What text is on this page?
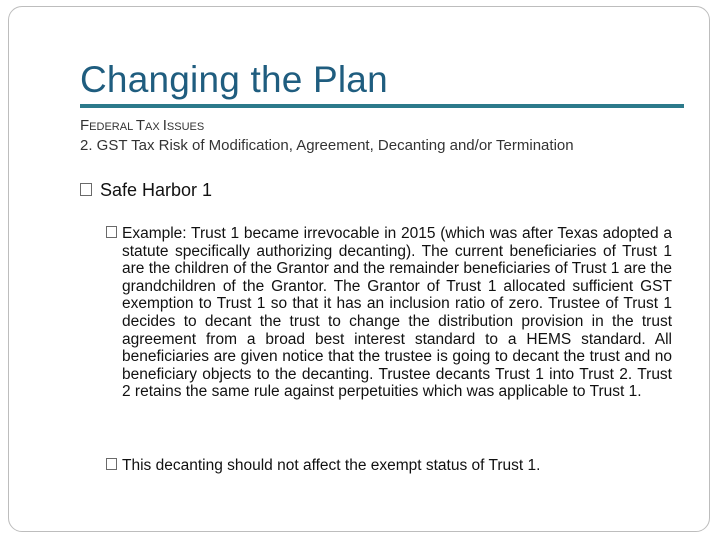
Changing the Plan
FEDERAL TAX ISSUES
2. GST Tax Risk of Modification, Agreement, Decanting and/or Termination
Safe Harbor 1
Example: Trust 1 became irrevocable in 2015 (which was after Texas adopted a statute specifically authorizing decanting). The current beneficiaries of Trust 1 are the children of the Grantor and the remainder beneficiaries of Trust 1 are the grandchildren of the Grantor. The Grantor of Trust 1 allocated sufficient GST exemption to Trust 1 so that it has an inclusion ratio of zero. Trustee of Trust 1 decides to decant the trust to change the distribution provision in the trust agreement from a broad best interest standard to a HEMS standard. All beneficiaries are given notice that the trustee is going to decant the trust and no beneficiary objects to the decanting. Trustee decants Trust 1 into Trust 2. Trust 2 retains the same rule against perpetuities which was applicable to Trust 1.
This decanting should not affect the exempt status of Trust 1.
